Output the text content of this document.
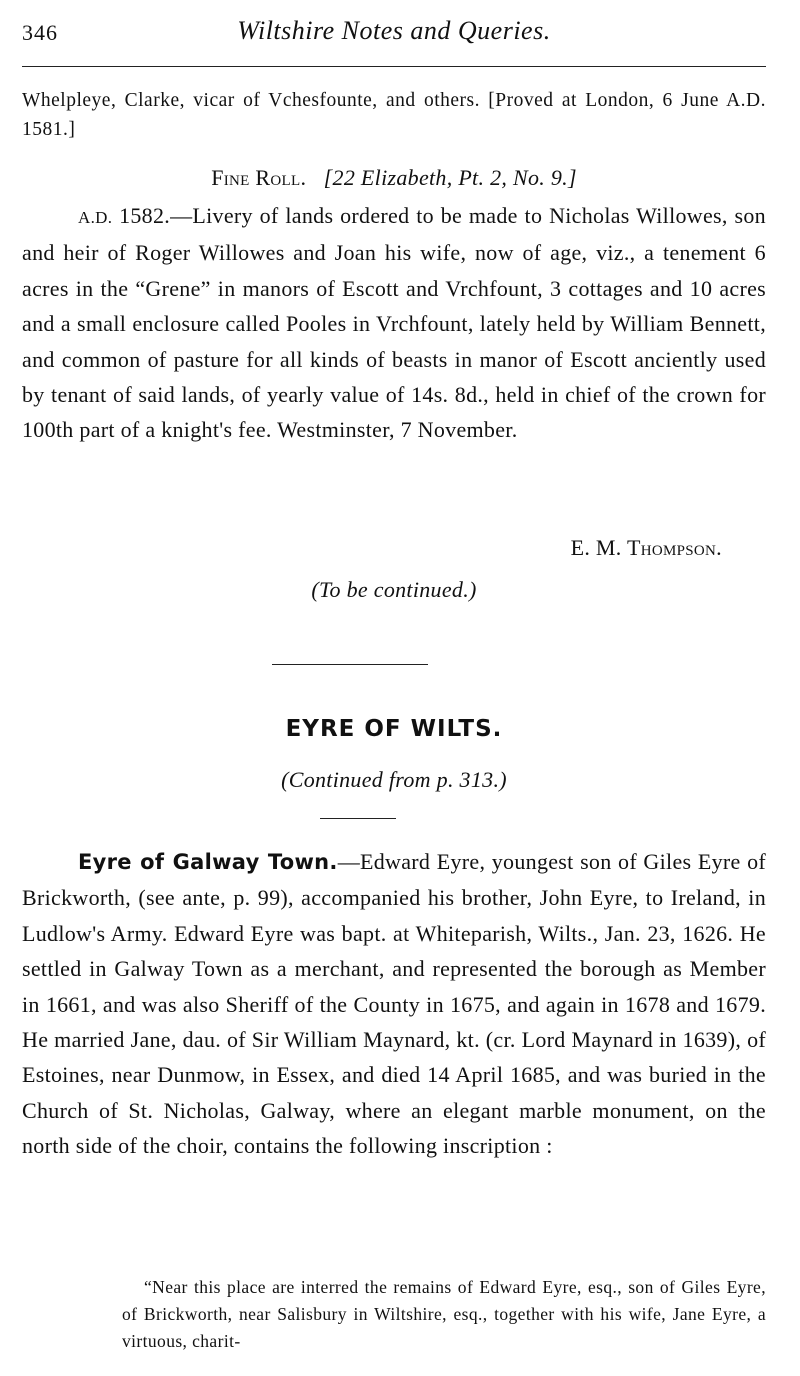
346	Wiltshire Notes and Queries.

Whelpleye, Clarke, vicar of Vchesfounte, and others. [Proved at London, 6 June A.D. 1581.]

Fine Roll. [22 Elizabeth, Pt. 2, No. 9.]

A.D. 1582.—Livery of lands ordered to be made to Nicholas Willowes, son and heir of Roger Willowes and Joan his wife, now of age, viz., a tenement 6 acres in the “Grene” in manors of Escott and Vrchfount, 3 cottages and 10 acres and a small enclosure called Pooles in Vrchfount, lately held by William Bennett, and common of pasture for all kinds of beasts in manor of Escott anciently used by tenant of said lands, of yearly value of 14s. 8d., held in chief of the crown for 100th part of a knight's fee. Westminster, 7 November.

E. M. Thompson.
(To be continued.)
EYRE OF WILTS.
(Continued from p. 313.)

Eyre of Galway Town.—Edward Eyre, youngest son of Giles Eyre of Brickworth, (see ante, p. 99), accompanied his brother, John Eyre, to Ireland, in Ludlow's Army. Edward Eyre was bapt. at Whiteparish, Wilts., Jan. 23, 1626. He settled in Galway Town as a merchant, and represented the borough as Member in 1661, and was also Sheriff of the County in 1675, and again in 1678 and 1679. He married Jane, dau. of Sir William Maynard, kt. (cr. Lord Maynard in 1639), of Estoines, near Dunmow, in Essex, and died 14 April 1685, and was buried in the Church of St. Nicholas, Galway, where an elegant marble monument, on the north side of the choir, contains the following inscription :

“Near this place are interred the remains of Edward Eyre, esq., son of Giles Eyre, of Brickworth, near Salisbury in Wiltshire, esq., together with his wife, Jane Eyre, a virtuous, charit-
